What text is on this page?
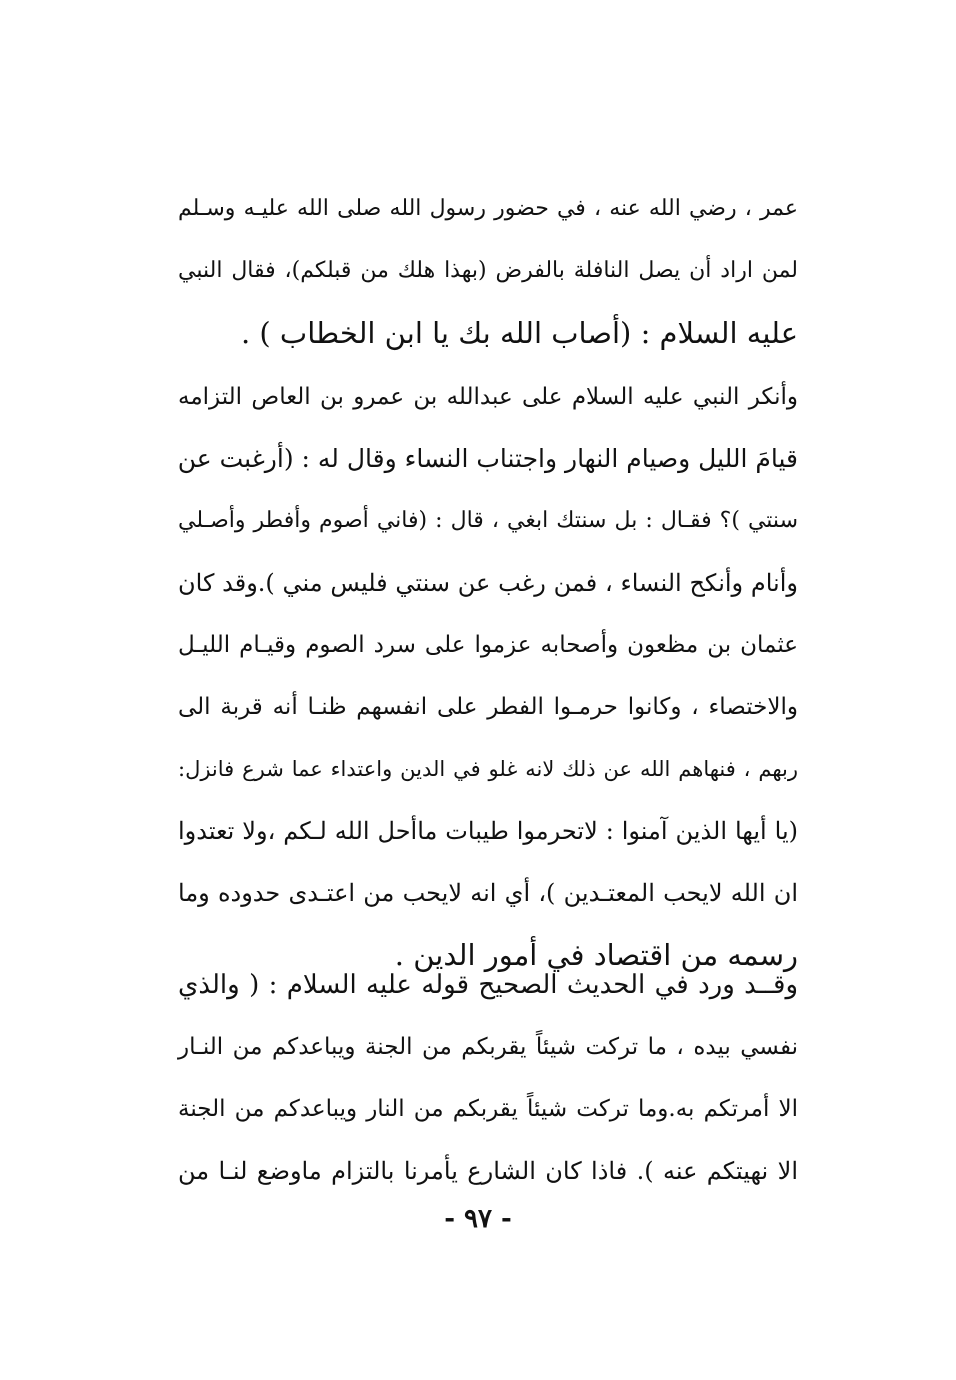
عمر ، رضي الله عنه ، في حضور رسول الله صلى الله عليـه وسـلم
لمن اراد أن يصل النافلة بالفرض (بهذا هلك من قبلكم)، فقال النبي
عليه السلام : (أصاب الله بك يا ابن الخطاب ) .

وأنكر النبي عليه السلام على عبدالله بن عمرو بن العاص التزامه
قيامَ الليل وصيام النهار واجتناب النساء وقال له : (أرغبت عن
سنتي )؟ فقـال : بل سنتك ابغي ، قال : (فاني أصوم وأفطر وأصـلي
وأنام وأنكح النساء ، فمن رغب عن سنتي فليس مني ).وقد كان
عثمان بن مظعون وأصحابه عزموا على سرد الصوم وقيـام الليـل
والاختصاء ، وكانوا حرمـوا الفطر على انفسهم ظنـا أنه قربة الى
ربهم ، فنهاهم الله عن ذلك لانه غلو في الدين واعتداء عما شرع فانزل:
(يا أيها الذين آمنوا : لاتحرموا طيبات ماأحل الله لـكم ،ولا تعتدوا
ان الله لايحب المعتـدين )، أي انه لايحب من اعتـدى حدوده وما
رسمه من اقتصاد في أمور الدين .

وقــد ورد في الحديث الصحيح قوله عليه السلام : ( والذي
نفسي بيده ، ما تركت شيئاً يقربكم من الجنة ويباعدكم من النـار
الا أمرتكم به.وما تركت شيئاً يقربكم من النار ويباعدكم من الجنة
الا نهيتكم عنه ). فاذا كان الشارع يأمرنا بالتزام ماوضع لنـا من

- ٩٧ -
